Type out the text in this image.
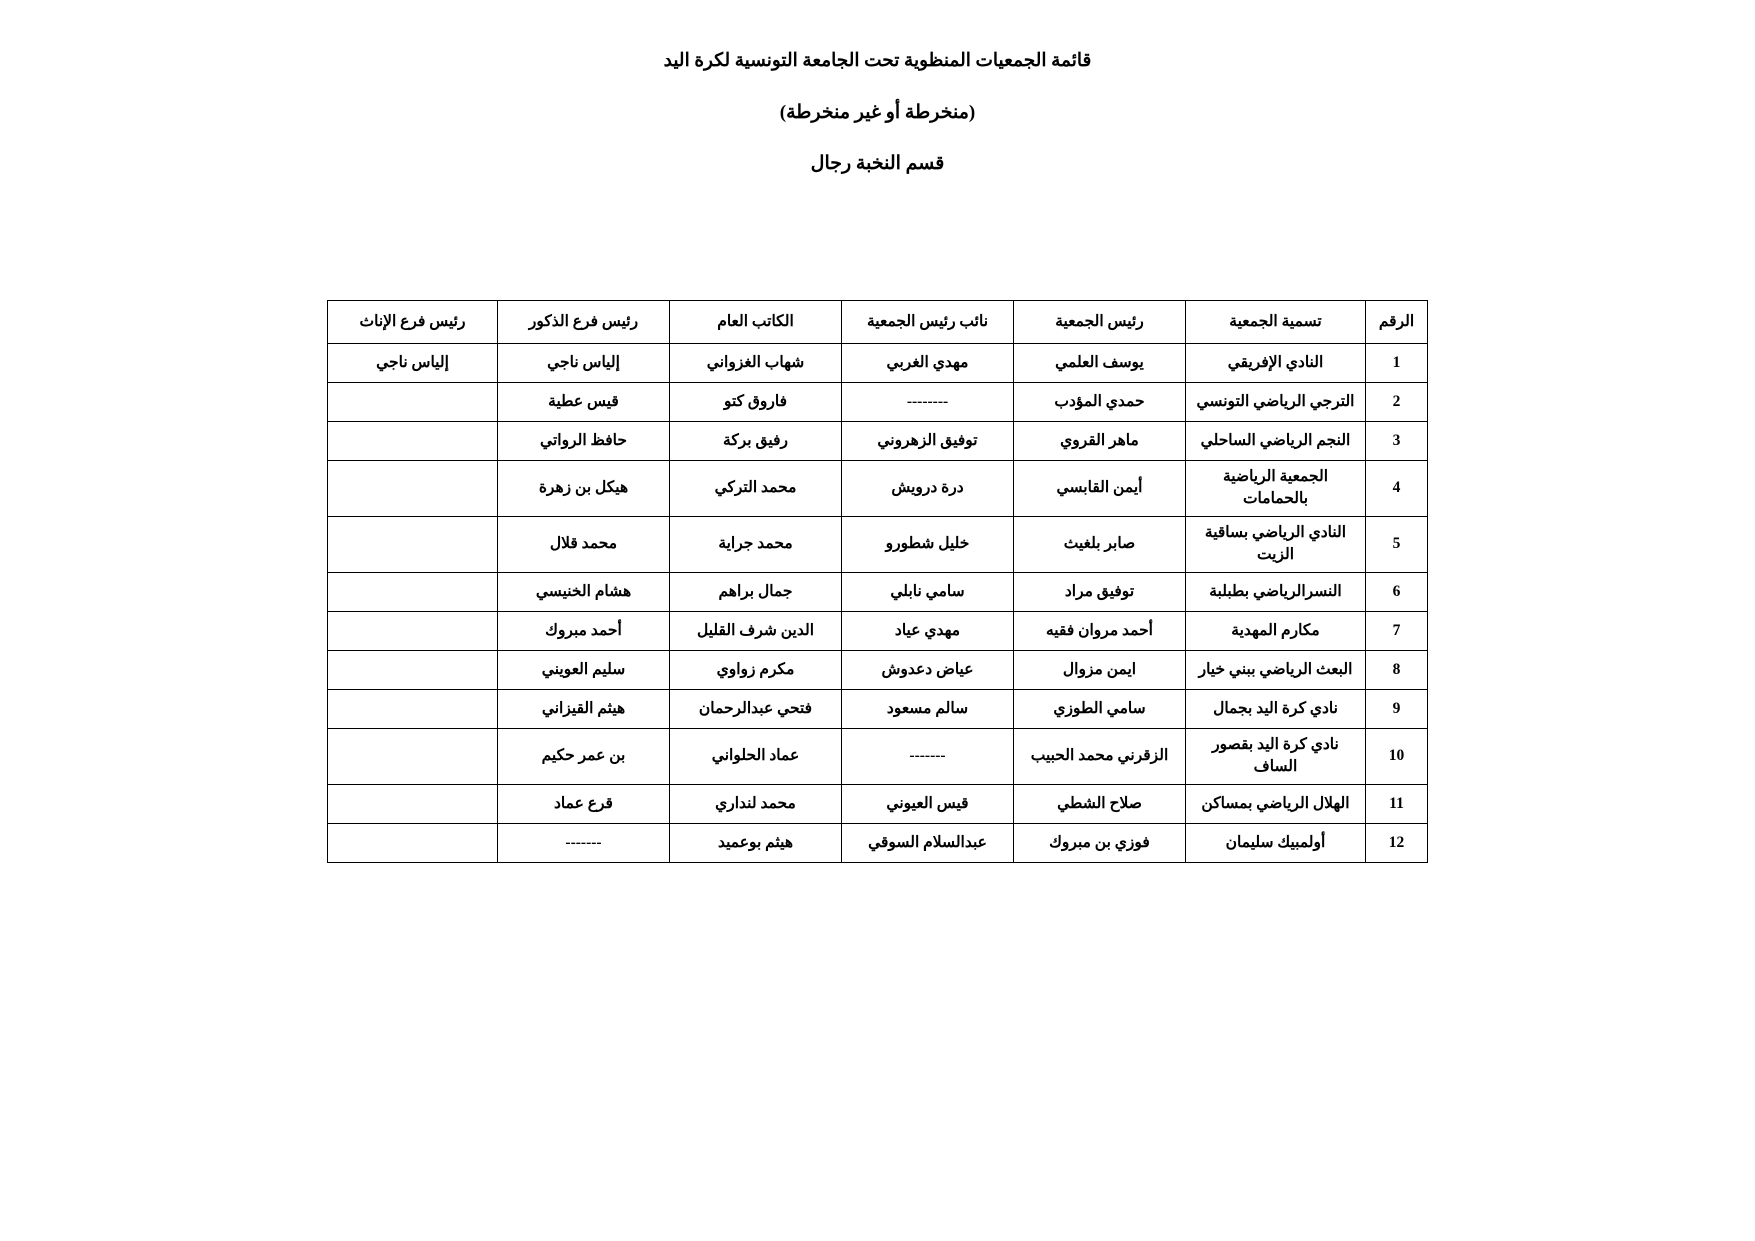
قائمة الجمعيات المنظوية تحت الجامعة التونسية لكرة اليد
(منخرطة أو غير منخرطة)
قسم النخبة رجال
الرقم	تسمية الجمعية	رئيس الجمعية	نائب رئيس الجمعية	الكاتب العام	رئيس فرع الذكور	رئيس فرع الإناث
1	النادي الإفريقي	يوسف العلمي	مهدي الغربي	شهاب الغزواني	إلياس ناجي	إلياس ناجي
2	الترجي الرياضي التونسي	حمدي المؤدب	--------	فاروق كتو	قيس عطية	
3	النجم الرياضي الساحلي	ماهر القروي	توفيق الزهروني	رفيق بركة	حافظ الرواتي	
4	الجمعية الرياضية بالحمامات	أيمن القابسي	درة درويش	محمد التركي	هيكل بن زهرة	
5	النادي الرياضي بساقية الزيت	صابر بلغيث	خليل شطورو	محمد جراية	محمد قلال	
6	النسرالرياضي بطبلبة	توفيق مراد	سامي نابلي	جمال براهم	هشام الخنيسي	
7	مكارم المهدية	أحمد مروان فقيه	مهدي عياد	الدين شرف القليل	أحمد مبروك	
8	البعث الرياضي ببني خيار	ايمن مزوال	عياض دعدوش	مكرم زواوي	سليم العويني	
9	نادي كرة اليد بجمال	سامي الطوزي	سالم مسعود	فتحي عبدالرحمان	هيثم القيزاني	
10	نادي كرة اليد بقصور الساف	الزقرني محمد الحبيب	-------	عماد الحلواني	بن عمر حكيم	
11	الهلال الرياضي بمساكن	صلاح الشطي	قيس العيوني	محمد لنداري	قرع عماد	
12	أولمبيك سليمان	فوزي بن مبروك	عبدالسلام السوقي	هيثم بوعميد	-------	
